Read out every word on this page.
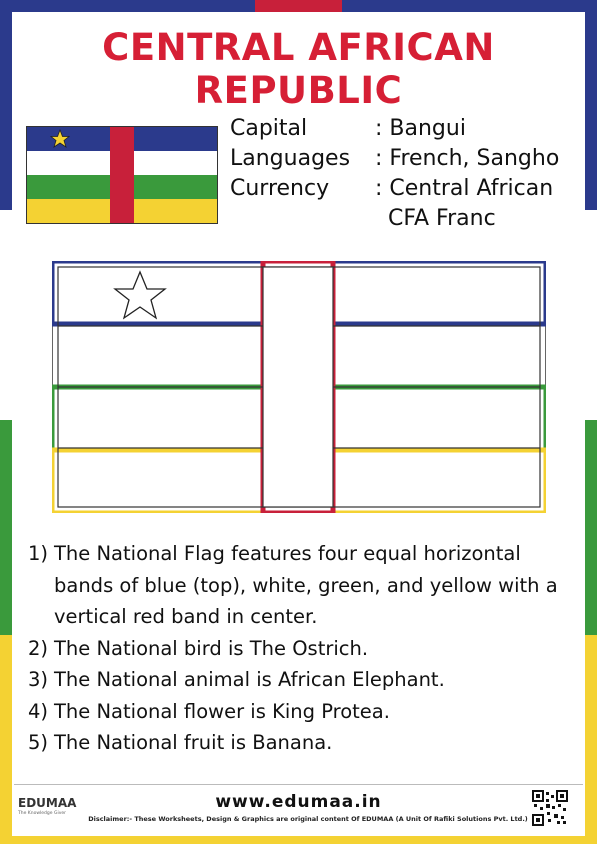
CENTRAL AFRICAN REPUBLIC
Capital	: Bangui
Languages	: French, Sangho
Currency	: Central African
CFA Franc
1) The National Flag features four equal horizontal bands of blue (top), white, green, and yellow with a vertical red band in center.
2) The National bird is The Ostrich.
3) The National animal is African Elephant.
4) The National flower is King Protea.
5) The National fruit is Banana.
EDUMAA
The Knowledge Giver
www.edumaa.in
Disclaimer:- These Worksheets, Design & Graphics are original content Of EDUMAA (A Unit Of Rafiki Solutions Pvt. Ltd.)
